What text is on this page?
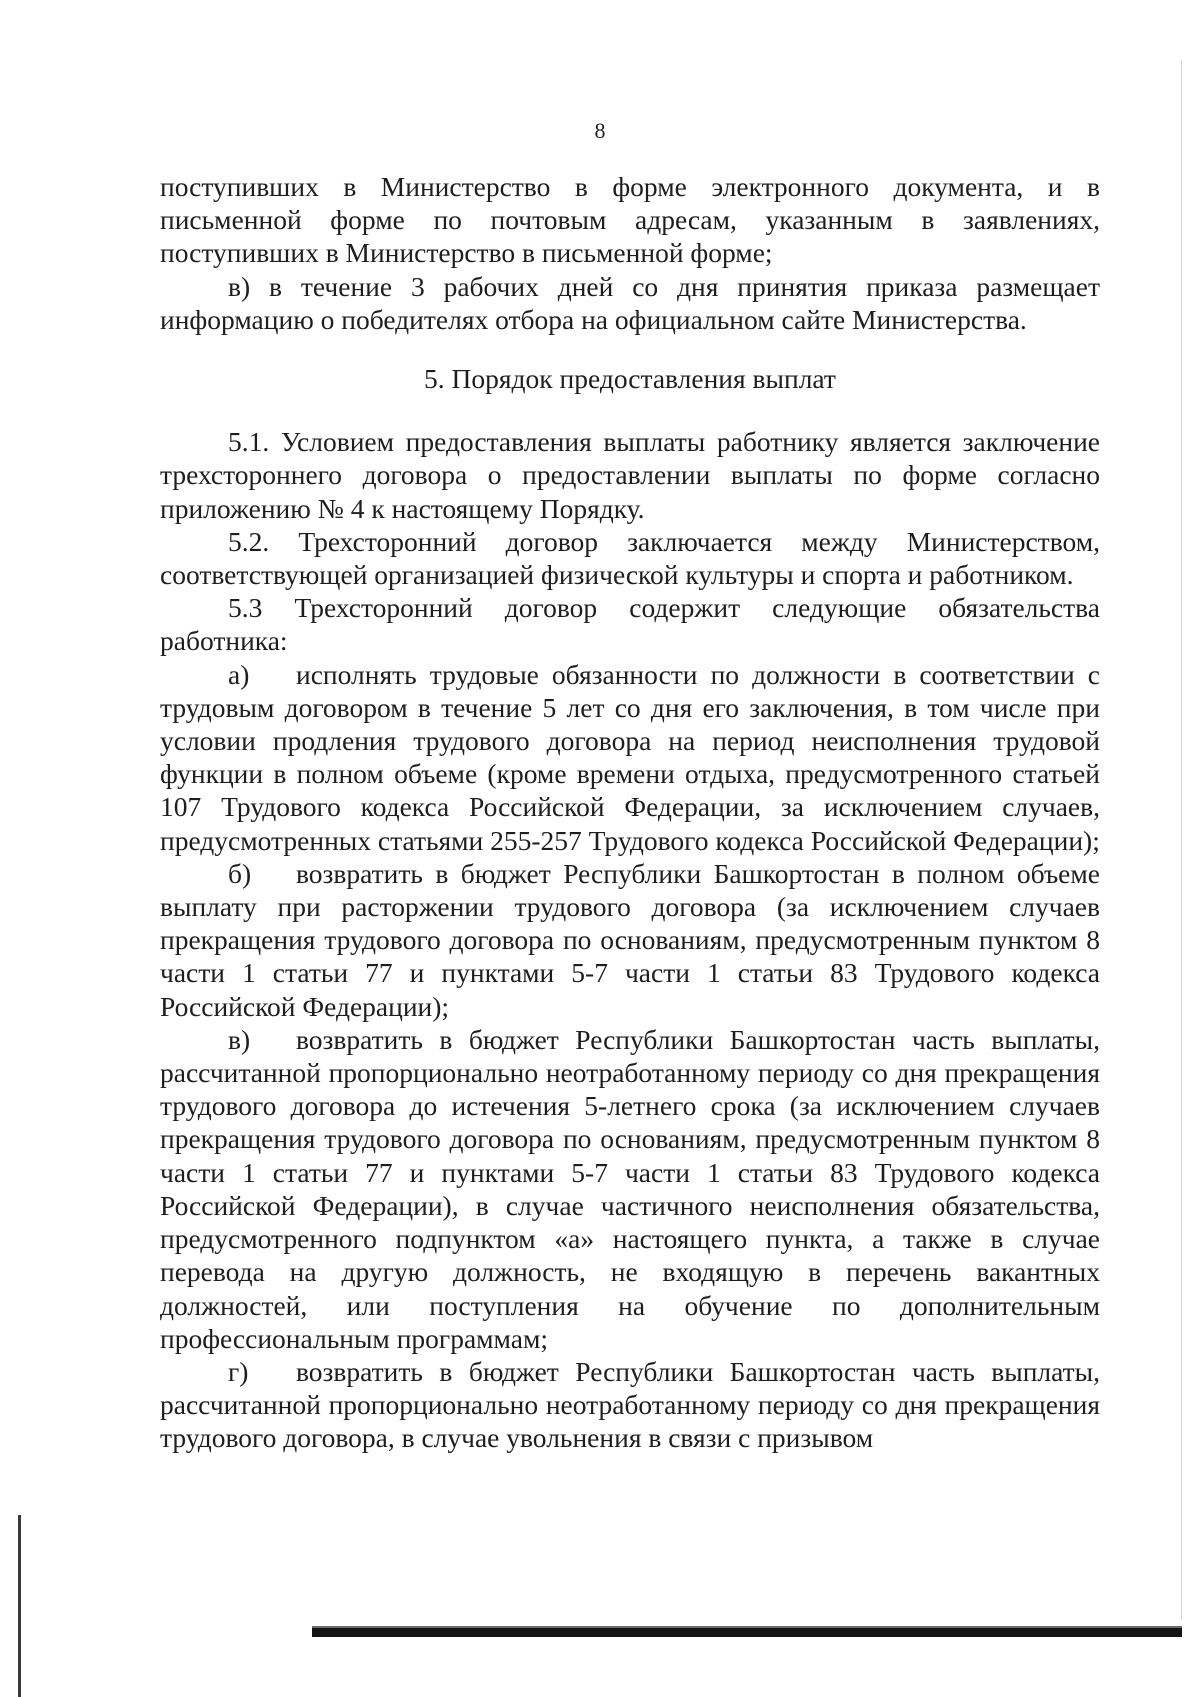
8

поступивших в Министерство в форме электронного документа, и в письменной форме по почтовым адресам, указанным в заявлениях, поступивших в Министерство в письменной форме;

в) в течение 3 рабочих дней со дня принятия приказа размещает информацию о победителях отбора на официальном сайте Министерства.

5. Порядок предоставления выплат

5.1. Условием предоставления выплаты работнику является заключение трехстороннего договора о предоставлении выплаты по форме согласно приложению № 4 к настоящему Порядку.

5.2. Трехсторонний договор заключается между Министерством, соответствующей организацией физической культуры и спорта и работником.

5.3 Трехсторонний договор содержит следующие обязательства работника:

а) исполнять трудовые обязанности по должности в соответствии с трудовым договором в течение 5 лет со дня его заключения, в том числе при условии продления трудового договора на период неисполнения трудовой функции в полном объеме (кроме времени отдыха, предусмотренного статьей 107 Трудового кодекса Российской Федерации, за исключением случаев, предусмотренных статьями 255-257 Трудового кодекса Российской Федерации);

б) возвратить в бюджет Республики Башкортостан в полном объеме выплату при расторжении трудового договора (за исключением случаев прекращения трудового договора по основаниям, предусмотренным пунктом 8 части 1 статьи 77 и пунктами 5-7 части 1 статьи 83 Трудового кодекса Российской Федерации);

в) возвратить в бюджет Республики Башкортостан часть выплаты, рассчитанной пропорционально неотработанному периоду со дня прекращения трудового договора до истечения 5-летнего срока (за исключением случаев прекращения трудового договора по основаниям, предусмотренным пунктом 8 части 1 статьи 77 и пунктами 5-7 части 1 статьи 83 Трудового кодекса Российской Федерации), в случае частичного неисполнения обязательства, предусмотренного подпунктом «а» настоящего пункта, а также в случае перевода на другую должность, не входящую в перечень вакантных должностей, или поступления на обучение по дополнительным профессиональным программам;

г) возвратить в бюджет Республики Башкортостан часть выплаты, рассчитанной пропорционально неотработанному периоду со дня прекращения трудового договора, в случае увольнения в связи с призывом
